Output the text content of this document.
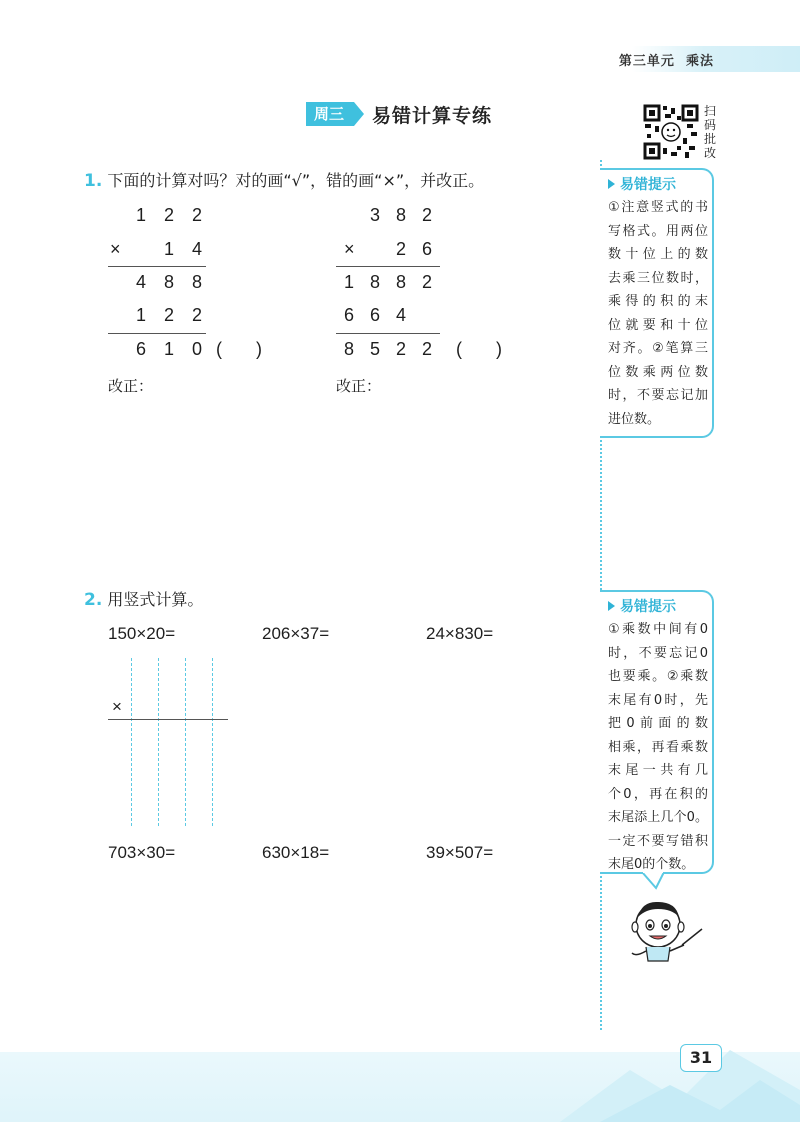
第三单元 乘法
周三	易错计算专练	扫码批改
易错提示
①注意竖式的书
写格式。用两位
数十位上的数
去乘三位数时，
乘得的积的末
位就要和十位
对齐。②笔算三
位数乘两位数
时，不要忘记加
进位数。
易错提示
①乘数中间有0
时，不要忘记0
也要乘。②乘数
末尾有0时，先
把0前面的数
相乘，再看乘数
末尾一共有几
个0，再在积的
末尾添上几个0。
一定不要写错积
末尾0的个数。
1. 下面的计算对吗？对的画“√”，错的画“×”，并改正。
1 2 2
× 1 4
4 8 8
1 2 2
6 1 0 ( )
改正：
3 8 2
× 2 6
1 8 8 2
6 6 4
8 5 2 2 ( )
改正：
2. 用竖式计算。
150×20=	206×37=	24×830=
×
703×30=	630×18=	39×507=
31
